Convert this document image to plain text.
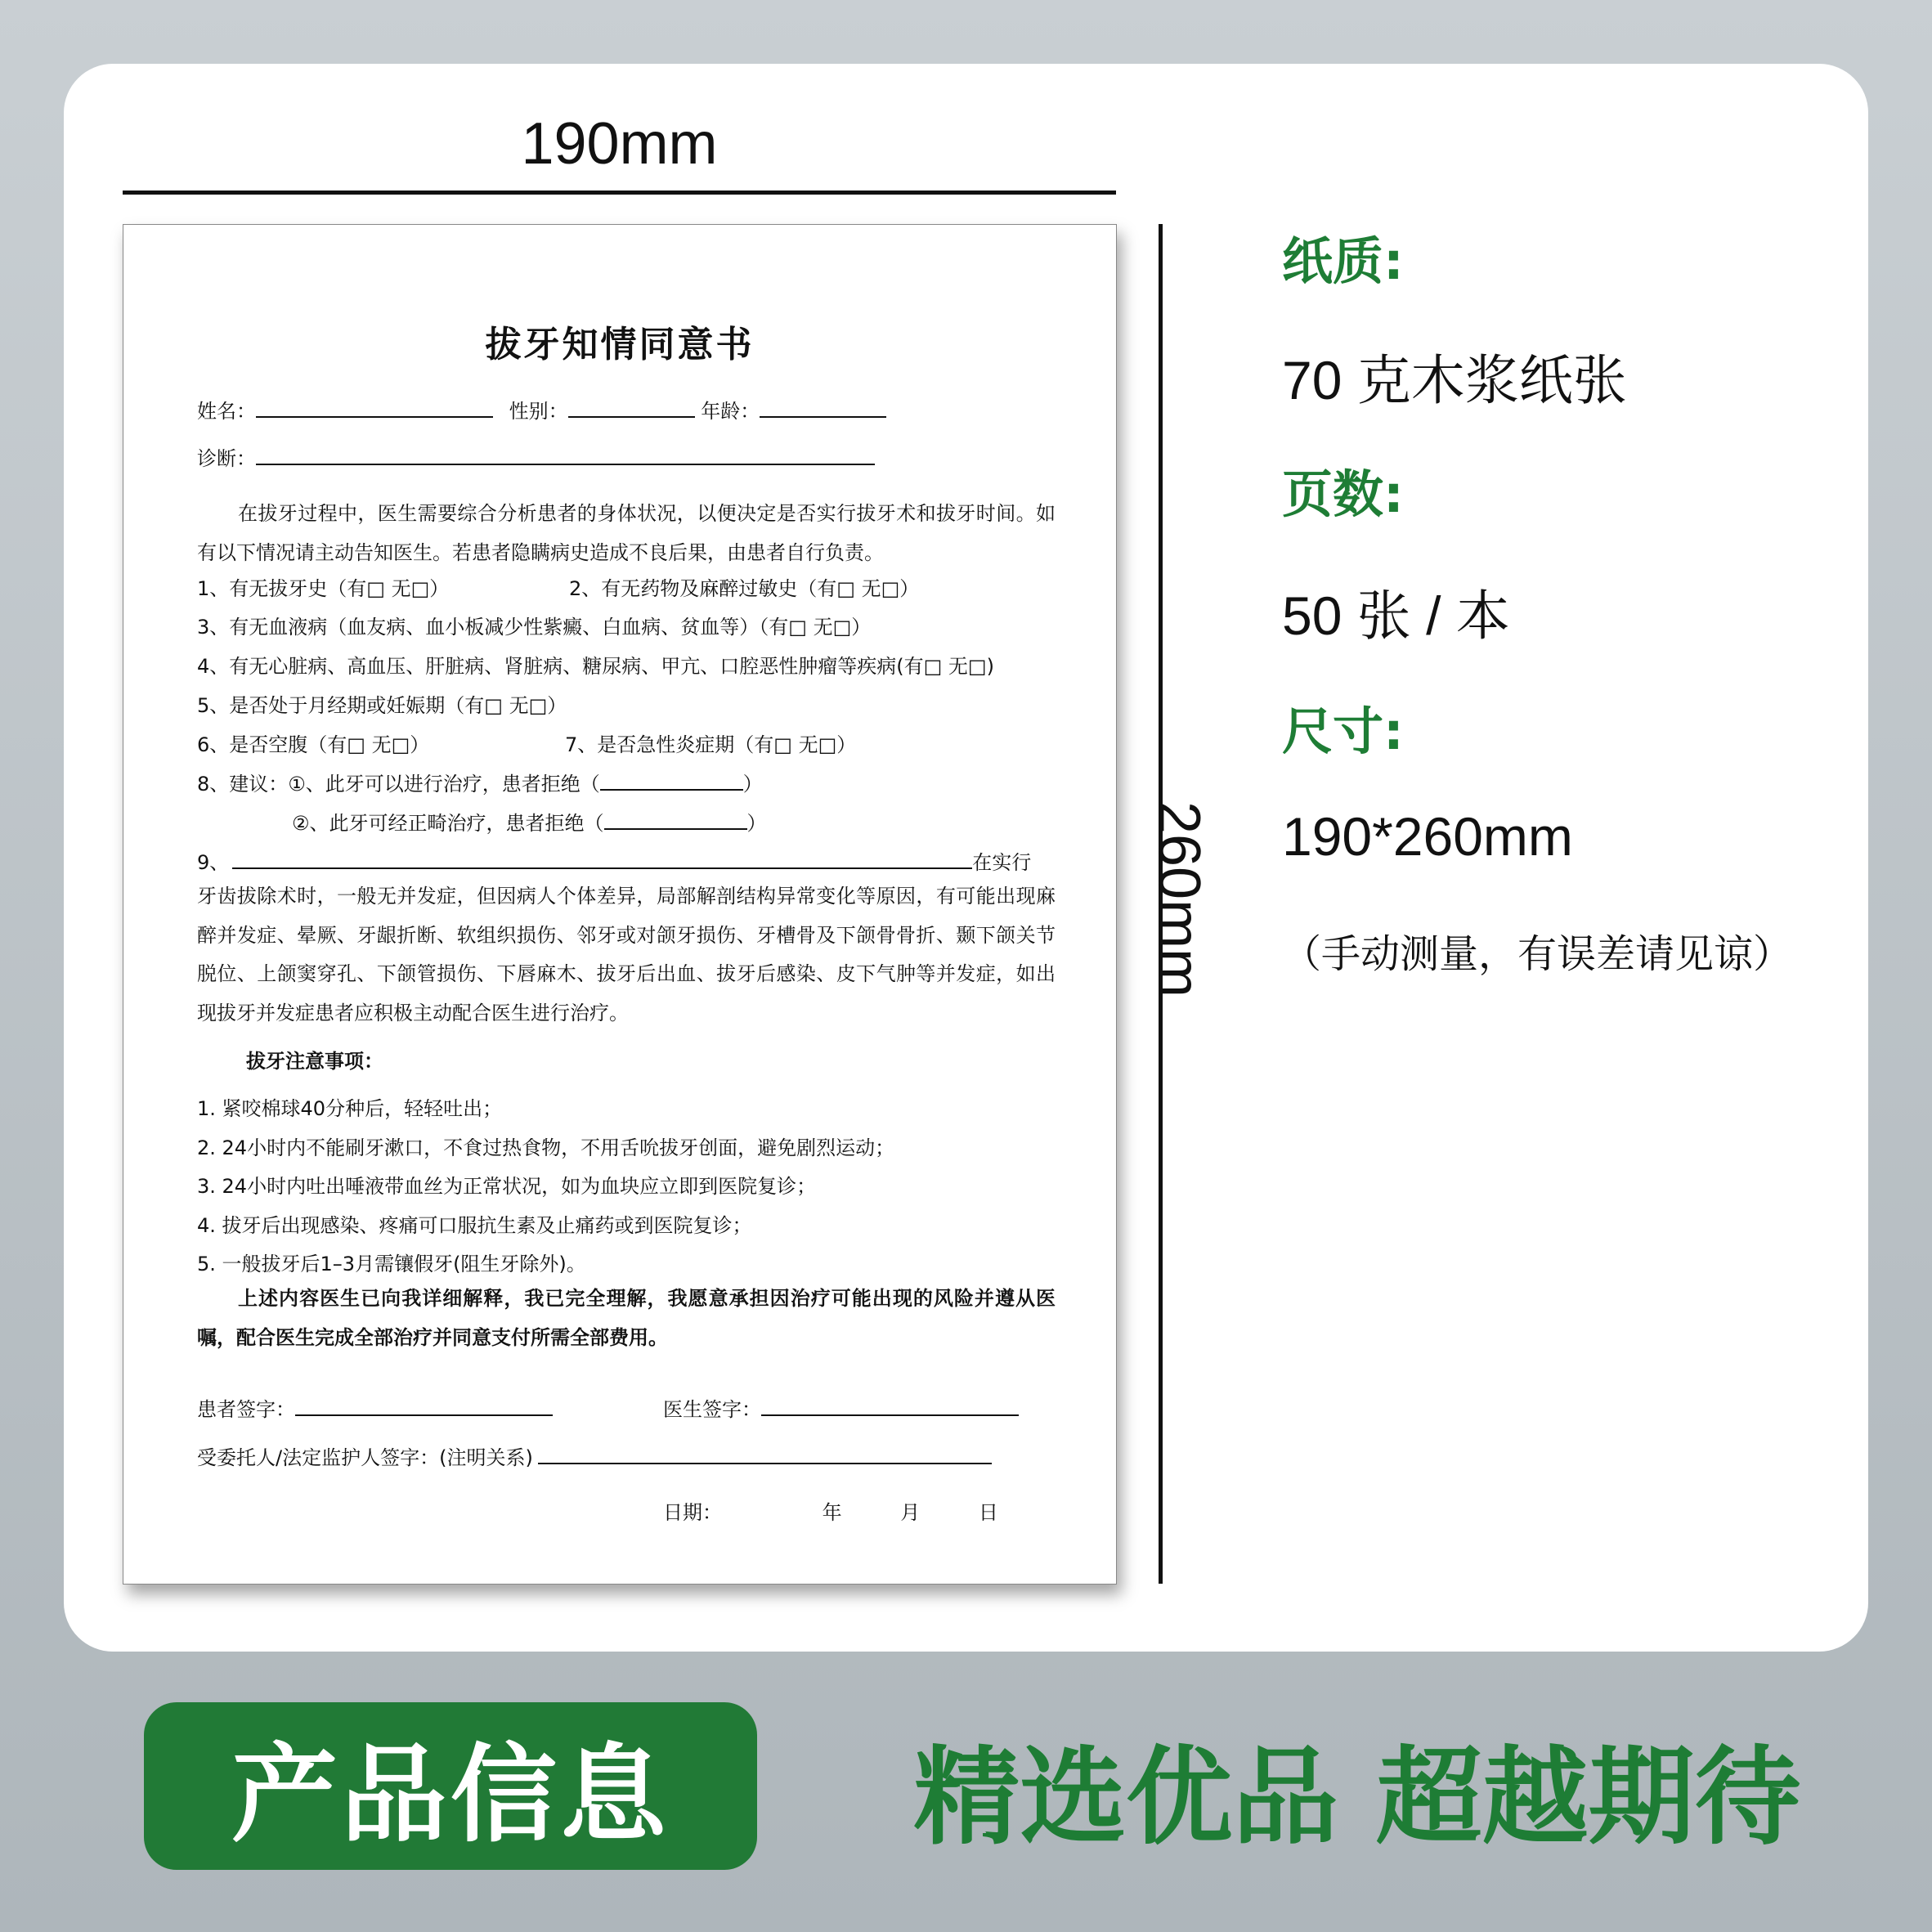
190mm
260mm
拔牙知情同意书
姓名：	性别：	年龄：
诊断：
在拔牙过程中，医生需要综合分析患者的身体状况，以便决定是否实行拔牙术和拔牙时间。如有以下情况请主动告知医生。若患者隐瞒病史造成不良后果，由患者自行负责。
1、有无拔牙史（有□ 无□）	2、有无药物及麻醉过敏史（有□ 无□）
3、有无血液病（血友病、血小板减少性紫癜、白血病、贫血等）（有□ 无□）
4、有无心脏病、高血压、肝脏病、肾脏病、糖尿病、甲亢、口腔恶性肿瘤等疾病(有□ 无□)
5、是否处于月经期或妊娠期（有□ 无□）
6、是否空腹（有□ 无□）	7、是否急性炎症期（有□ 无□）
8、建议：①、此牙可以进行治疗，患者拒绝（	）
②、此牙可经正畸治疗，患者拒绝（	）
9、	在实行
牙齿拔除术时，一般无并发症，但因病人个体差异，局部解剖结构异常变化等原因，有可能出现麻醉并发症、晕厥、牙龈折断、软组织损伤、邻牙或对颌牙损伤、牙槽骨及下颌骨骨折、颞下颌关节脱位、上颌窦穿孔、下颌管损伤、下唇麻木、拔牙后出血、拔牙后感染、皮下气肿等并发症，如出现拔牙并发症患者应积极主动配合医生进行治疗。
拔牙注意事项：
1. 紧咬棉球40分种后，轻轻吐出；
2. 24小时内不能刷牙漱口，不食过热食物，不用舌吮拔牙创面，避免剧烈运动；
3. 24小时内吐出唾液带血丝为正常状况，如为血块应立即到医院复诊；
4. 拔牙后出现感染、疼痛可口服抗生素及止痛药或到医院复诊；
5. 一般拔牙后1–3月需镶假牙(阻生牙除外)。
上述内容医生已向我详细解释，我已完全理解，我愿意承担因治疗可能出现的风险并遵从医嘱，配合医生完成全部治疗并同意支付所需全部费用。
患者签字：	医生签字：
受委托人/法定监护人签字：(注明关系)
日期：	年	月	日
纸质:
70 克木浆纸张
页数:
50 张 / 本
尺寸:
190*260mm
（手动测量，有误差请见谅）
产品信息	精选优品 超越期待
